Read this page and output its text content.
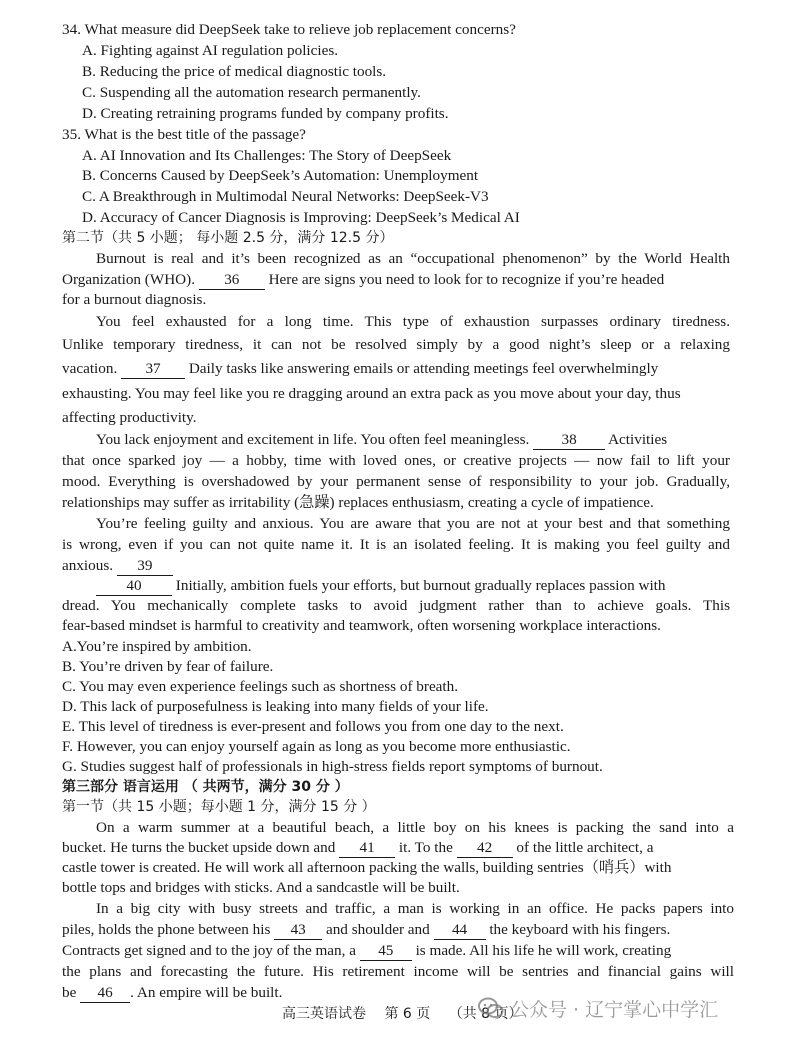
34. What measure did DeepSeek take to relieve job replacement concerns?
A. Fighting against AI regulation policies.
B. Reducing the price of medical diagnostic tools.
C. Suspending all the automation research permanently.
D. Creating retraining programs funded by company profits.
35. What is the best title of the passage?
A. AI Innovation and Its Challenges: The Story of DeepSeek
B. Concerns Caused by DeepSeek’s Automation: Unemployment
C. A Breakthrough in Multimodal Neural Networks: DeepSeek-V3
D. Accuracy of Cancer Diagnosis is Improving: DeepSeek’s Medical AI
第二节（共 5 小题； 每小题 2.5 分，满分 12.5 分）
Burnout is real and it’s been recognized as an “occupational phenomenon” by the World Health
Organization (WHO). 36 Here are signs you need to look for to recognize if you’re headed
for a burnout diagnosis.
You feel exhausted for a long time. This type of exhaustion surpasses ordinary tiredness.
Unlike temporary tiredness, it can not be resolved simply by a good night’s sleep or a relaxing
vacation. 37 Daily tasks like answering emails or attending meetings feel overwhelmingly
exhausting. You may feel like you re dragging around an extra pack as you move about your day, thus
affecting productivity.
You lack enjoyment and excitement in life. You often feel meaningless. 38 Activities
that once sparked joy — a hobby, time with loved ones, or creative projects — now fail to lift your
mood. Everything is overshadowed by your permanent sense of responsibility to your job. Gradually,
relationships may suffer as irritability (急躁) replaces enthusiasm, creating a cycle of impatience.
You’re feeling guilty and anxious. You are aware that you are not at your best and that something
is wrong, even if you can not quite name it. It is an isolated feeling. It is making you feel guilty and
anxious. 39
40 Initially, ambition fuels your efforts, but burnout gradually replaces passion with
dread. You mechanically complete tasks to avoid judgment rather than to achieve goals. This
fear-based mindset is harmful to creativity and teamwork, often worsening workplace interactions.
A.You’re inspired by ambition.
B. You’re driven by fear of failure.
C. You may even experience feelings such as shortness of breath.
D. This lack of purposefulness is leaking into many fields of your life.
E. This level of tiredness is ever-present and follows you from one day to the next.
F. However, you can enjoy yourself again as long as you become more enthusiastic.
G. Studies suggest half of professionals in high-stress fields report symptoms of burnout.
第三部分 语言运用 （ 共两节，满分 30 分 ）
第一节（共 15 小题；每小题 1 分，满分 15 分 ）
On a warm summer at a beautiful beach, a little boy on his knees is packing the sand into a
bucket. He turns the bucket upside down and 41 it. To the 42 of the little architect, a
castle tower is created. He will work all afternoon packing the walls, building sentries（哨兵）with
bottle tops and bridges with sticks. And a sandcastle will be built.
In a big city with busy streets and traffic, a man is working in an office. He packs papers into
piles, holds the phone between his 43 and shoulder and 44 the keyboard with his fingers.
Contracts get signed and to the joy of the man, a 45 is made. All his life he will work, creating
the plans and forecasting the future. His retirement income will be sentries and financial gains will
be 46 . An empire will be built.
高三英语试卷 第 6 页 （共 8 页）
公众号 · 辽宁掌心中学汇
